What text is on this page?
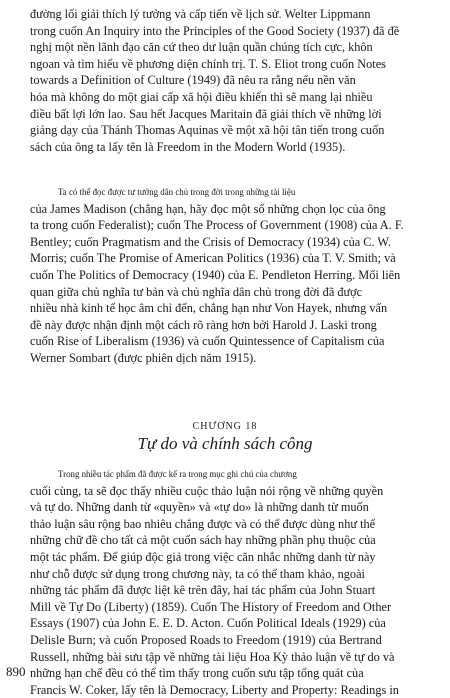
đường lối giải thích lý tưởng và cấp tiến về lịch sử. Welter Lippmann
trong cuốn An Inquiry into the Principles of the Good Society (1937) đã đề
nghị một nền lãnh đạo căn cứ theo dư luận quần chúng tích cực, khôn
ngoan và tìm hiểu về phương diện chính trị. T. S. Eliot trong cuốn Notes
towards a Definition of Culture (1949) đã nêu ra rằng nếu nền văn
hóa mà không do một giai cấp xã hội điều khiển thì sẽ mang lại nhiều
điều bất lợi lớn lao. Sau hết Jacques Maritain đã giải thích về những lời
giảng dạy của Thánh Thomas Aquinas về một xã hội tân tiến trong cuốn
sách của ông ta lấy tên là Freedom in the Modern World (1935).

Ta có thể đọc được tư tưởng dân chủ trong đời trong những tài liệu
của James Madison (chẳng hạn, hãy đọc một số những chọn lọc của ông
ta trong cuốn Federalist); cuốn The Process of Government (1908) của A. F.
Bentley; cuốn Pragmatism and the Crisis of Democracy (1934) của C. W.
Morris; cuốn The Promise of American Politics (1936) của T. V. Smith; và
cuốn The Politics of Democracy (1940) của E. Pendleton Herring. Mối liên
quan giữa chủ nghĩa tư bản và chủ nghĩa dân chủ trong đời đã được
nhiều nhà kinh tế học âm chỉ đến, chẳng hạn như Von Hayek, nhưng vấn
đề này được nhận định một cách rõ ràng hơn bởi Harold J. Laski trong
cuốn Rise of Liberalism (1936) và cuốn Quintessence of Capitalism của
Werner Sombart (được phiên dịch năm 1915).

CHƯƠNG 18
Tự do và chính sách công

Trong nhiều tác phẩm đã được kể ra trong mục ghi chú của chương
cuối cùng, ta sẽ đọc thấy nhiều cuộc thảo luận nói rộng về những quyền
và tự do. Những danh từ «quyền» và «tự do» là những danh từ muốn
thảo luận sâu rộng bao nhiêu chẳng được và có thể được dùng như thể
những chữ đề cho tất cả một cuốn sách hay những phần phụ thuộc của
một tác phẩm. Để giúp độc giả trong việc căn nhắc những danh từ này
như chỗ được sử dụng trong chương này, ta có thể tham khảo, ngoài
những tác phẩm đã được liệt kê trên đây, hai tác phẩm của John Stuart
Mill về Tự Do (Liberty) (1859). Cuốn The History of Freedom and Other
Essays (1907) của John E. E. D. Acton. Cuốn Political Ideals (1929) của
Delisle Burn; và cuốn Proposed Roads to Freedom (1919) của Bertrand
Russell, những bài sưu tập về những tài liệu Hoa Kỳ thảo luận về tự do và
những hạn chế đều có thể tìm thấy trong cuốn sưu tập tổng quát của
Francis W. Coker, lấy tên là Democracy, Liberty and Property: Readings in

890
